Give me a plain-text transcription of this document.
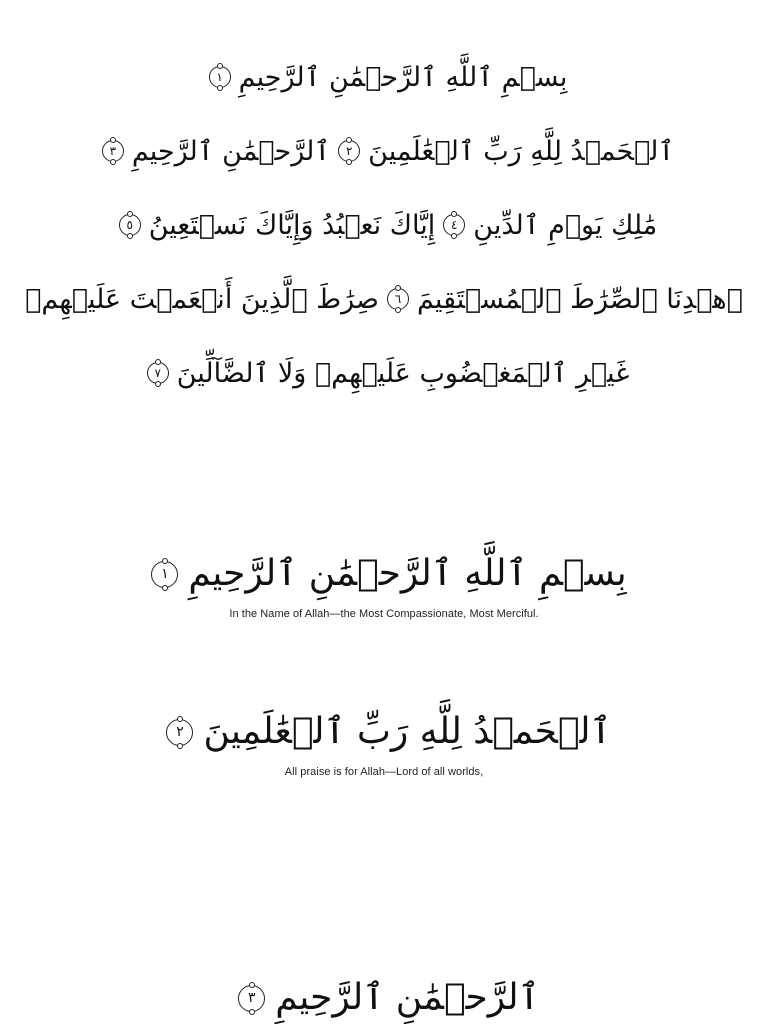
بِسۡمِ ٱللَّهِ ٱلرَّحۡمَٰنِ ٱلرَّحِيمِ
١
ٱلۡحَمۡدُ لِلَّهِ رَبِّ ٱلۡعَٰلَمِينَ
٢
ٱلرَّحۡمَٰنِ ٱلرَّحِيمِ
٣
مَٰلِكِ يَوۡمِ ٱلدِّينِ
٤
إِيَّاكَ نَعۡبُدُ وَإِيَّاكَ نَسۡتَعِينُ
٥
ٱهۡدِنَا ٱلصِّرَٰطَ ٱلۡمُسۡتَقِيمَ
٦
صِرَٰطَ ٱلَّذِينَ أَنۡعَمۡتَ عَلَيۡهِمۡ
غَيۡرِ ٱلۡمَغۡضُوبِ عَلَيۡهِمۡ وَلَا ٱلضَّآلِّينَ
٧
بِسۡمِ ٱللَّهِ ٱلرَّحۡمَٰنِ ٱلرَّحِيمِ
١
In the Name of Allah—the Most Compassionate, Most Merciful.
ٱلۡحَمۡدُ لِلَّهِ رَبِّ ٱلۡعَٰلَمِينَ
٢
All praise is for Allah—Lord of all worlds,
ٱلرَّحۡمَٰنِ ٱلرَّحِيمِ
٣
